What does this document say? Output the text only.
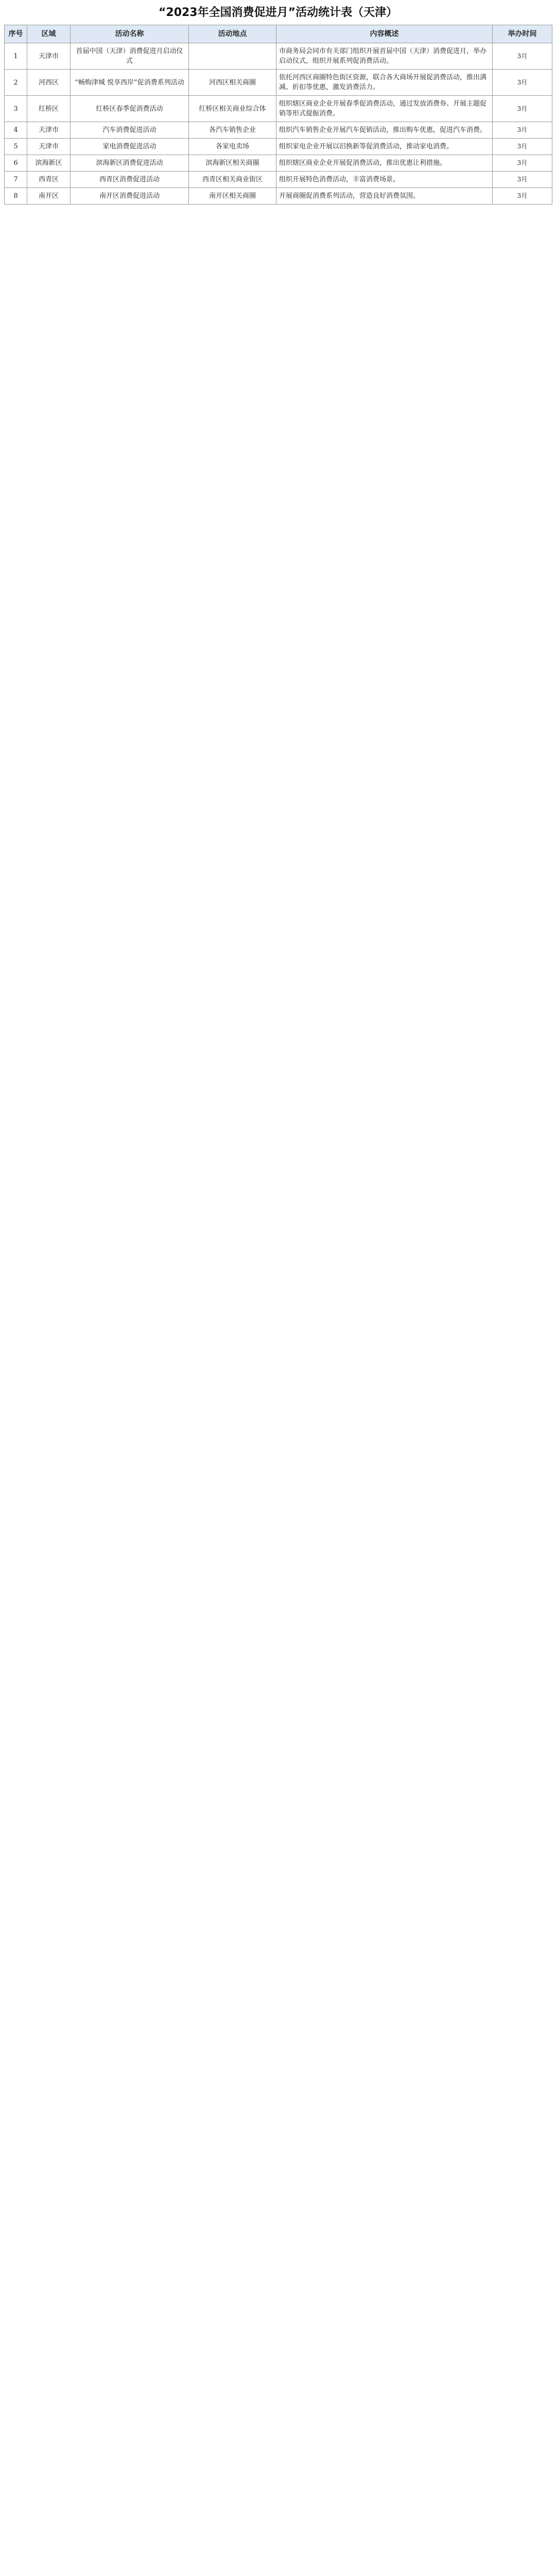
“2023年全国消费促进月”活动统计表（天津）
序号	区域	活动名称	活动地点	内容概述	举办时间
1	天津市	首届中国（天津）消费促进月启动仪式		市商务局会同市有关部门组织开展首届中国（天津）消费促进月，举办启动仪式，组织开展系列促消费活动。	3月
2	河西区	“畅购津城 悦享西岸”促消费系列活动	河西区相关商圈	依托河西区商圈特色街区资源，联合各大商场开展促消费活动，推出满减、折扣等优惠，激发消费活力。	3月
3	红桥区	红桥区春季促消费活动	红桥区相关商业综合体	组织辖区商业企业开展春季促消费活动，通过发放消费券、开展主题促销等形式提振消费。	3月
4	天津市	汽车消费促进活动	各汽车销售企业	组织汽车销售企业开展汽车促销活动，推出购车优惠，促进汽车消费。	3月
5	天津市	家电消费促进活动	各家电卖场	组织家电企业开展以旧换新等促消费活动，推动家电消费。	3月
6	滨海新区	滨海新区消费促进活动	滨海新区相关商圈	组织辖区商业企业开展促消费活动，推出优惠让利措施。	3月
7	西青区	西青区消费促进活动	西青区相关商业街区	组织开展特色消费活动，丰富消费场景。	3月
8	南开区	南开区消费促进活动	南开区相关商圈	开展商圈促消费系列活动，营造良好消费氛围。	3月
